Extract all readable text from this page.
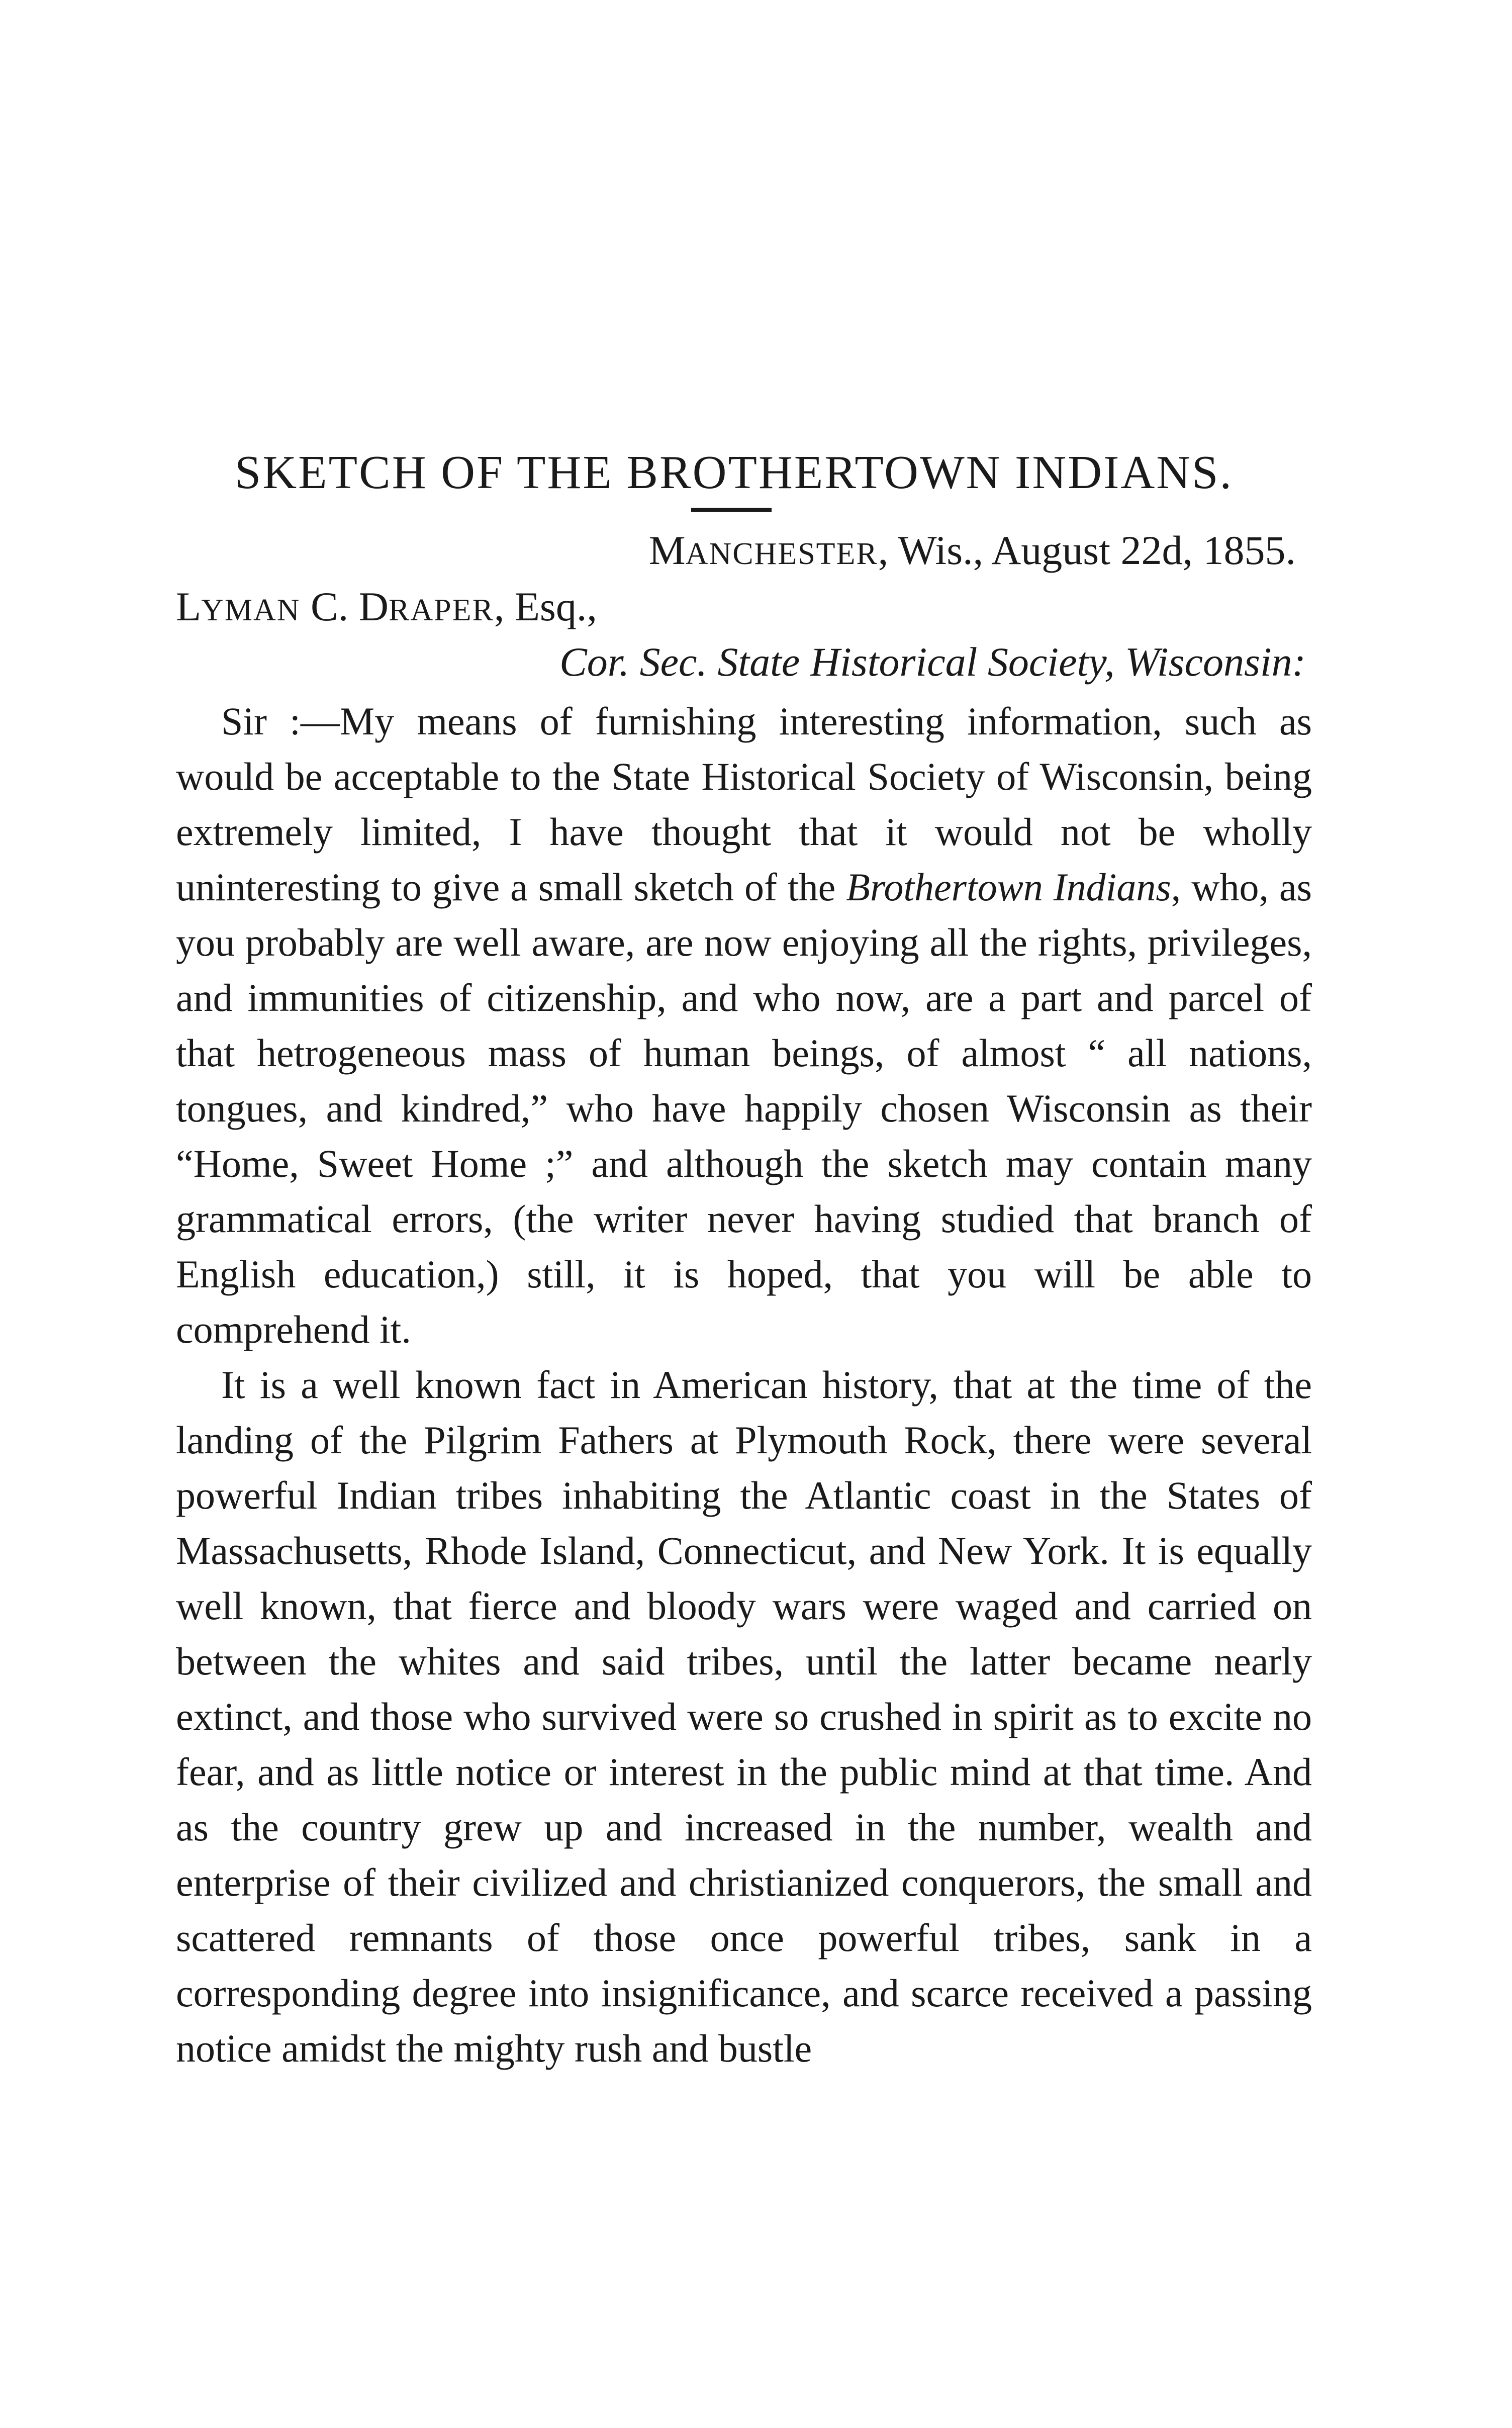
SKETCH OF THE BROTHERTOWN INDIANS.
MANCHESTER, Wis., August 22d, 1855.
LYMAN C. DRAPER, Esq.,
Cor. Sec. State Historical Society, Wisconsin:

Sir :—My means of furnishing interesting information, such as would be acceptable to the State Historical Society of Wisconsin, being extremely limited, I have thought that it would not be wholly uninteresting to give a small sketch of the Brothertown Indians, who, as you probably are well aware, are now enjoying all the rights, privileges, and immunities of citizenship, and who now, are a part and parcel of that hetrogeneous mass of human beings, of almost “ all nations, tongues, and kindred,” who have happily chosen Wisconsin as their “Home, Sweet Home ;” and although the sketch may contain many grammatical errors, (the writer never having studied that branch of English education,) still, it is hoped, that you will be able to comprehend it.

It is a well known fact in American history, that at the time of the landing of the Pilgrim Fathers at Plymouth Rock, there were several powerful Indian tribes inhabiting the Atlantic coast in the States of Massachusetts, Rhode Island, Connecticut, and New York. It is equally well known, that fierce and bloody wars were waged and carried on between the whites and said tribes, until the latter became nearly extinct, and those who survived were so crushed in spirit as to excite no fear, and as little notice or interest in the public mind at that time. And as the country grew up and increased in the number, wealth and enterprise of their civilized and christianized conquerors, the small and scattered remnants of those once powerful tribes, sank in a corresponding degree into insignificance, and scarce received a passing notice amidst the mighty rush and bustle
